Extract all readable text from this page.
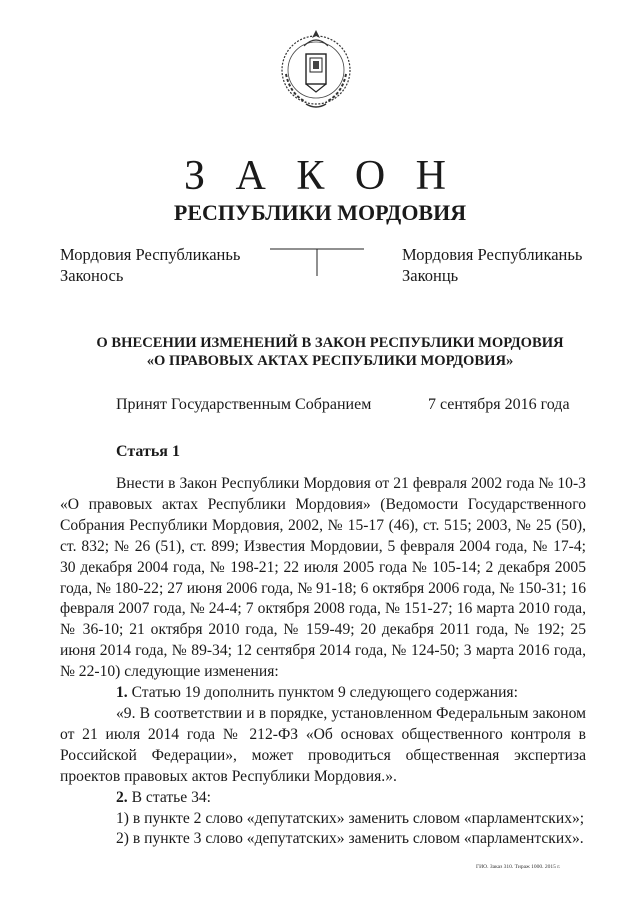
З А К О Н
РЕСПУБЛИКИ МОРДОВИЯ
Мордовия Республиканьь
Законось
Мордовия Республиканьь
Законць
О ВНЕСЕНИИ ИЗМЕНЕНИЙ В ЗАКОН РЕСПУБЛИКИ МОРДОВИЯ
«О ПРАВОВЫХ АКТАХ РЕСПУБЛИКИ МОРДОВИЯ»
Принят Государственным Собранием	7 сентября 2016 года
Статья 1

Внести в Закон Республики Мордовия от 21 февраля 2002 года № 10-З «О правовых актах Республики Мордовия» (Ведомости Государственного Собрания Республики Мордовия, 2002, № 15-17 (46), ст. 515; 2003, № 25 (50), ст. 832; № 26 (51), ст. 899; Известия Мордовии, 5 февраля 2004 года, № 17-4; 30 декабря 2004 года, № 198-21; 22 июля 2005 года № 105-14; 2 декабря 2005 года, № 180-22; 27 июня 2006 года, № 91-18; 6 октября 2006 года, № 150-31; 16 февраля 2007 года, № 24-4; 7 октября 2008 года, № 151-27; 16 марта 2010 года, № 36-10; 21 октября 2010 года, № 159-49; 20 декабря 2011 года, № 192; 25 июня 2014 года, № 89-34; 12 сентября 2014 года, № 124-50; 3 марта 2016 года, № 22-10) следующие изменения:

1. Статью 19 дополнить пунктом 9 следующего содержания:

«9. В соответствии и в порядке, установленном Федеральным законом от 21 июля 2014 года № 212-ФЗ «Об основах общественного контроля в Российской Федерации», может проводиться общественная экспертиза проектов правовых актов Республики Мордовия.».

2. В статье 34:

1) в пункте 2 слово «депутатских» заменить словом «парламентских»;

2) в пункте 3 слово «депутатских» заменить словом «парламентских».

ГИО. Заказ 310. Тираж 1000. 2015 г.
